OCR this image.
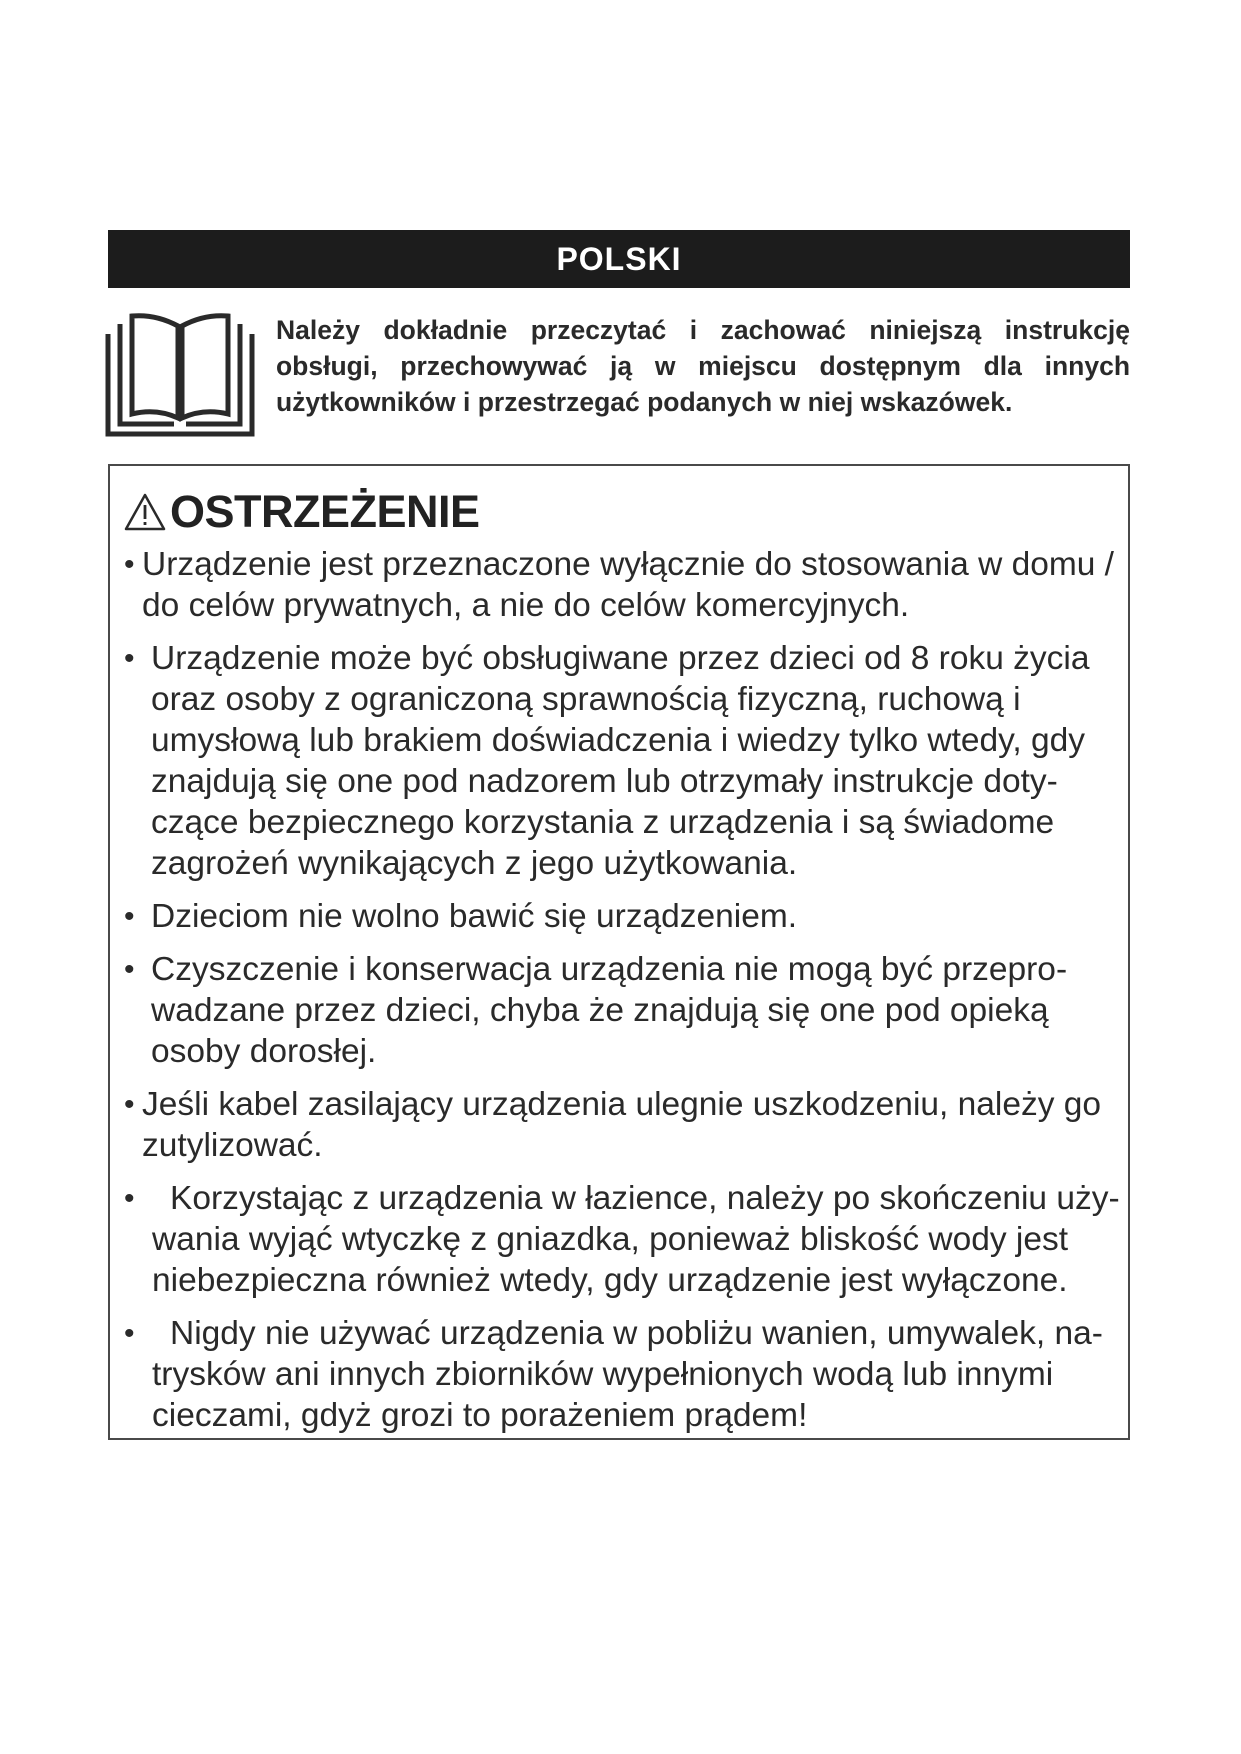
POLSKI
Należy dokładnie przeczytać i zachować niniejszą instrukcję obsługi, przechowywać ją w miejscu dostępnym dla innych użytkowników i przestrzegać podanych w niej wskazówek.
OSTRZEŻENIE
• Urządzenie jest przeznaczone wyłącznie do stosowania w domu / do celów prywatnych, a nie do celów komercyjnych.
• Urządzenie może być obsługiwane przez dzieci od 8 roku życia oraz osoby z ograniczoną sprawnością fizyczną, ruchową i umysłową lub brakiem doświadczenia i wiedzy tylko wtedy, gdy znajdują się one pod nadzorem lub otrzymały instrukcje dotyczące bezpiecznego korzystania z urządzenia i są świadome zagrożeń wynikających z jego użytkowania.
• Dzieciom nie wolno bawić się urządzeniem.
• Czyszczenie i konserwacja urządzenia nie mogą być przeprowadzane przez dzieci, chyba że znajdują się one pod opieką osoby dorosłej.
• Jeśli kabel zasilający urządzenia ulegnie uszkodzeniu, należy go zutylizować.
•	Korzystając z urządzenia w łazience, należy po skończeniu używania wyjąć wtyczkę z gniazdka, ponieważ bliskość wody jest niebezpieczna również wtedy, gdy urządzenie jest wyłączone.
•	Nigdy nie używać urządzenia w pobliżu wanien, umywalek, natrysków ani innych zbiorników wypełnionych wodą lub innymi cieczami, gdyż grozi to porażeniem prądem!
